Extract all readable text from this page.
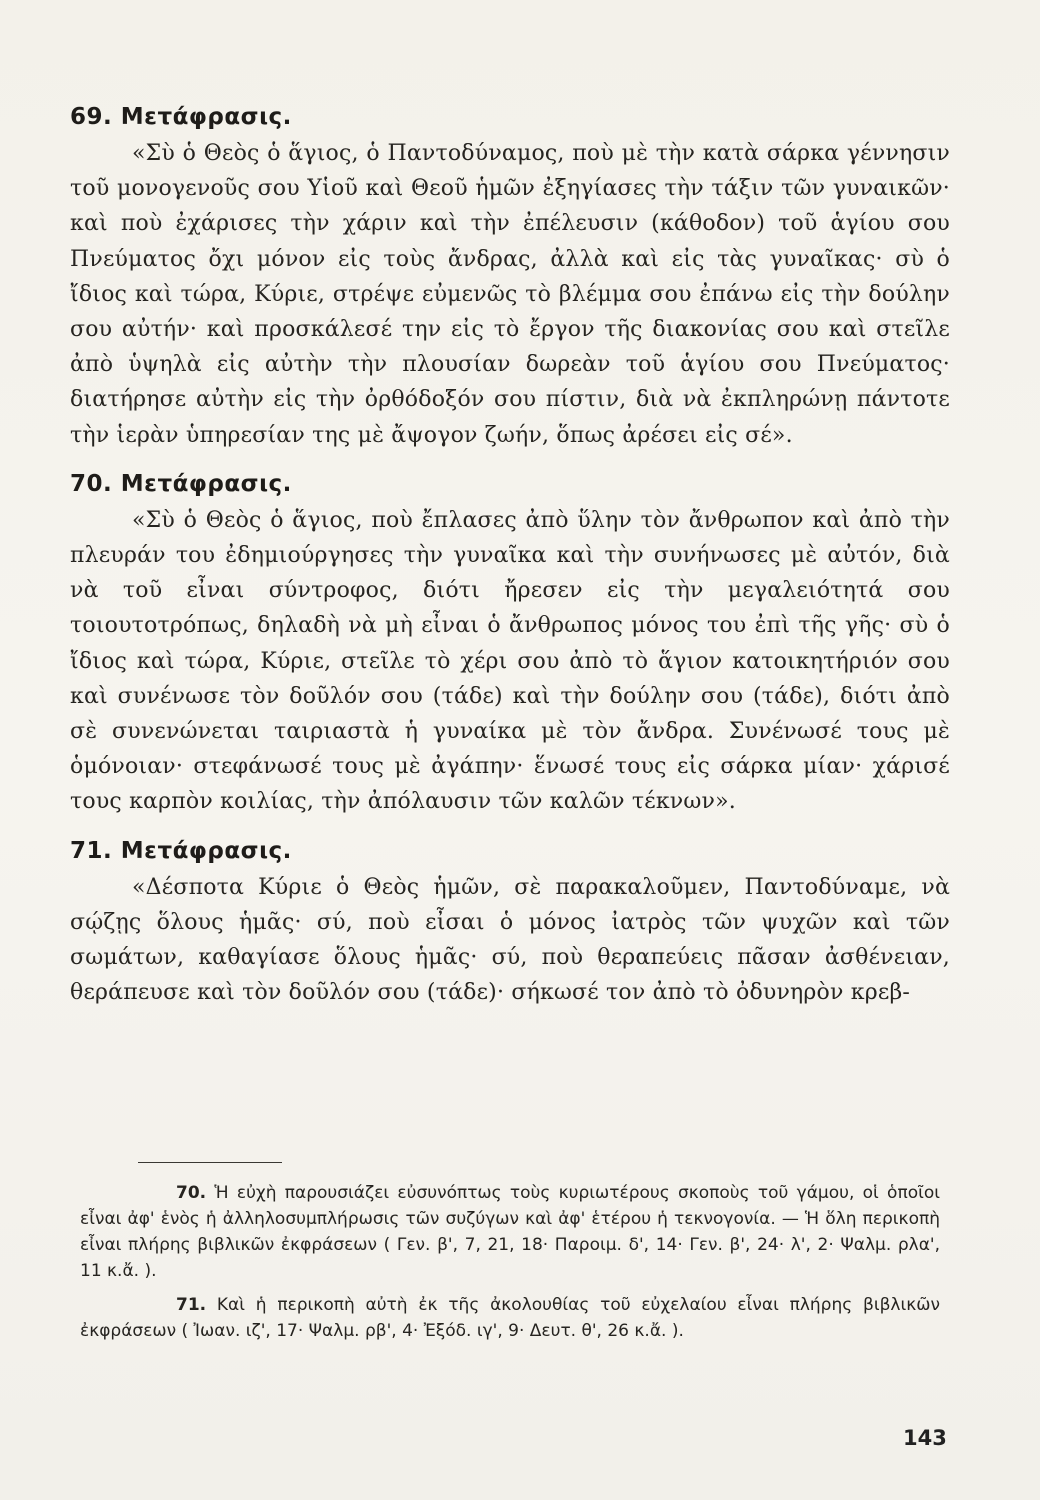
69. Μετάφρασις.

«Σὺ ὁ Θεὸς ὁ ἅγιος, ὁ Παντοδύναμος, ποὺ μὲ τὴν κατὰ σάρκα γέννησιν τοῦ μονογενοῦς σου Υἱοῦ καὶ Θεοῦ ἡμῶν ἐξηγίασες τὴν τάξιν τῶν γυναικῶν· καὶ ποὺ ἐχάρισες τὴν χάριν καὶ τὴν ἐπέλευσιν (κάθοδον) τοῦ ἁγίου σου Πνεύματος ὄχι μόνον εἰς τοὺς ἄνδρας, ἀλλὰ καὶ εἰς τὰς γυναῖκας· σὺ ὁ ἴδιος καὶ τώρα, Κύριε, στρέψε εὐμενῶς τὸ βλέμμα σου ἐπάνω εἰς τὴν δούλην σου αὐτήν· καὶ προσκάλεσέ την εἰς τὸ ἔργον τῆς διακονίας σου καὶ στεῖλε ἀπὸ ὑψηλὰ εἰς αὐτὴν τὴν πλουσίαν δωρεὰν τοῦ ἁγίου σου Πνεύματος· διατήρησε αὐτὴν εἰς τὴν ὀρθόδοξόν σου πίστιν, διὰ νὰ ἐκπληρώνῃ πάντοτε τὴν ἱερὰν ὑπηρεσίαν της μὲ ἄψογον ζωήν, ὅπως ἀρέσει εἰς σέ».

70. Μετάφρασις.

«Σὺ ὁ Θεὸς ὁ ἅγιος, ποὺ ἔπλασες ἀπὸ ὕλην τὸν ἄνθρωπον καὶ ἀπὸ τὴν πλευράν του ἐδημιούργησες τὴν γυναῖκα καὶ τὴν συνήνωσες μὲ αὐτόν, διὰ νὰ τοῦ εἶναι σύντροφος, διότι ἤρεσεν εἰς τὴν μεγαλειότητά σου τοιουτοτρόπως, δηλαδὴ νὰ μὴ εἶναι ὁ ἄνθρωπος μόνος του ἐπὶ τῆς γῆς· σὺ ὁ ἴδιος καὶ τώρα, Κύριε, στεῖλε τὸ χέρι σου ἀπὸ τὸ ἅγιον κατοικητήριόν σου καὶ συνένωσε τὸν δοῦλόν σου (τάδε) καὶ τὴν δούλην σου (τάδε), διότι ἀπὸ σὲ συνενώνεται ταιριαστὰ ἡ γυναίκα μὲ τὸν ἄνδρα. Συνένωσέ τους μὲ ὁμόνοιαν· στεφάνωσέ τους μὲ ἀγάπην· ἕνωσέ τους εἰς σάρκα μίαν· χάρισέ τους καρπὸν κοιλίας, τὴν ἀπόλαυσιν τῶν καλῶν τέκνων».

71. Μετάφρασις.

«Δέσποτα Κύριε ὁ Θεὸς ἡμῶν, σὲ παρακαλοῦμεν, Παντοδύναμε, νὰ σῴζῃς ὅλους ἡμᾶς· σύ, ποὺ εἶσαι ὁ μόνος ἰατρὸς τῶν ψυχῶν καὶ τῶν σωμάτων, καθαγίασε ὅλους ἡμᾶς· σύ, ποὺ θεραπεύεις πᾶσαν ἀσθένειαν, θεράπευσε καὶ τὸν δοῦλόν σου (τάδε)· σήκωσέ τον ἀπὸ τὸ ὀδυνηρὸν κρεβ-

70. Ἡ εὐχὴ παρουσιάζει εὐσυνόπτως τοὺς κυριωτέρους σκοποὺς τοῦ γάμου, οἱ ὁποῖοι εἶναι ἀφ' ἑνὸς ἡ ἀλληλοσυμπλήρωσις τῶν συζύγων καὶ ἀφ' ἑτέρου ἡ τεκνογονία. — Ἡ ὅλη περικοπὴ εἶναι πλήρης βιβλικῶν ἐκφράσεων ( Γεν. β', 7, 21, 18· Παροιμ. δ', 14· Γεν. β', 24· λ', 2· Ψαλμ. ρλα', 11 κ.ἄ. ).

71. Καὶ ἡ περικοπὴ αὐτὴ ἐκ τῆς ἀκολουθίας τοῦ εὐχελαίου εἶναι πλήρης βιβλικῶν ἐκφράσεων ( Ἰωαν. ιζ', 17· Ψαλμ. ρβ', 4· Ἐξόδ. ιγ', 9· Δευτ. θ', 26 κ.ἄ. ).

143
